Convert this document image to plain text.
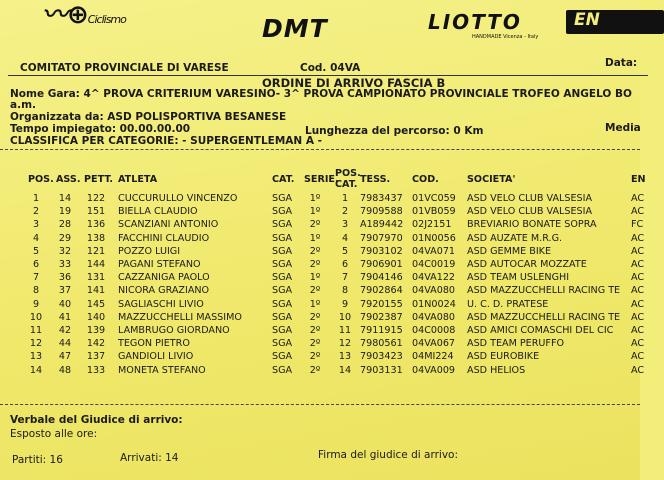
〰⊕Ciclismo	DMT	LIOTTO
HANDMADE Vicenza - Italy
EN
COMITATO PROVINCIALE DI VARESE	Cod. 04VA	Data:
ORDINE DI ARRIVO FASCIA B
Nome Gara: 4^ PROVA CRITERIUM VARESINO- 3^ PROVA CAMPIONATO PROVINCIALE TROFEO ANGELO BO
a.m.
Organizzata da: ASD POLISPORTIVA BESANESE
Tempo impiegato: 00.00.00.00	Lunghezza del percorso: 0 Km	Media
CLASSIFICA PER CATEGORIE: - SUPERGENTLEMAN A -
POS. ASS. PETT. ATLETA	CAT. SERIE.
POS.
CAT. TESS. COD.	SOCIETA'	EN
1	14	122 CUCCURULLO VINCENZO	SGA	1º	1	7983437 01VC059 ASD VELO CLUB VALSESIA	AC
2	19	151 BIELLA CLAUDIO	SGA	1º	2	7909588 01VB059 ASD VELO CLUB VALSESIA	AC
3	28	136 SCANZIANI ANTONIO	SGA	2º	3	A189442 02J2151 BREVIARIO BONATE SOPRA	FC
4	29	138 FACCHINI CLAUDIO	SGA	1º	4	7907970 01N0056 ASD AUZATE M.R.G.	AC
5	32	121 POZZO LUIGI	SGA	2º	5	7903102 04VA071 ASD GEMME BIKE	AC
6	33	144 PAGANI STEFANO	SGA	2º	6	7906901 04C0019 ASD AUTOCAR MOZZATE	AC
7	36	131 CAZZANIGA PAOLO	SGA	1º	7	7904146 04VA122 ASD TEAM USLENGHI	AC
8	37	141 NICORA GRAZIANO	SGA	2º	8	7902864 04VA080 ASD MAZZUCCHELLI RACING TE AC
9	40	145 SAGLIASCHI LIVIO	SGA	1º	9	7920155 01N0024 U. C. D. PRATESE	AC
10	41	140 MAZZUCCHELLI MASSIMO	SGA	2º	10 7902387 04VA080 ASD MAZZUCCHELLI RACING TE AC
11	42	139 LAMBRUGO GIORDANO	SGA	2º	11 7911915 04C0008 ASD AMICI COMASCHI DEL CIC AC
12	44	142 TEGON PIETRO	SGA	2º	12 7980561 04VA067 ASD TEAM PERUFFO	AC
13	47	137 GANDIOLI LIVIO	SGA	2º	13 7903423 04MI224 ASD EUROBIKE	AC
14	48	133 MONETA STEFANO	SGA	2º	14 7903131 04VA009 ASD HELIOS	AC
Verbale del Giudice di arrivo:
Esposto alle ore:
Partiti: 16	Arrivati: 14	Firma del giudice di arrivo:
